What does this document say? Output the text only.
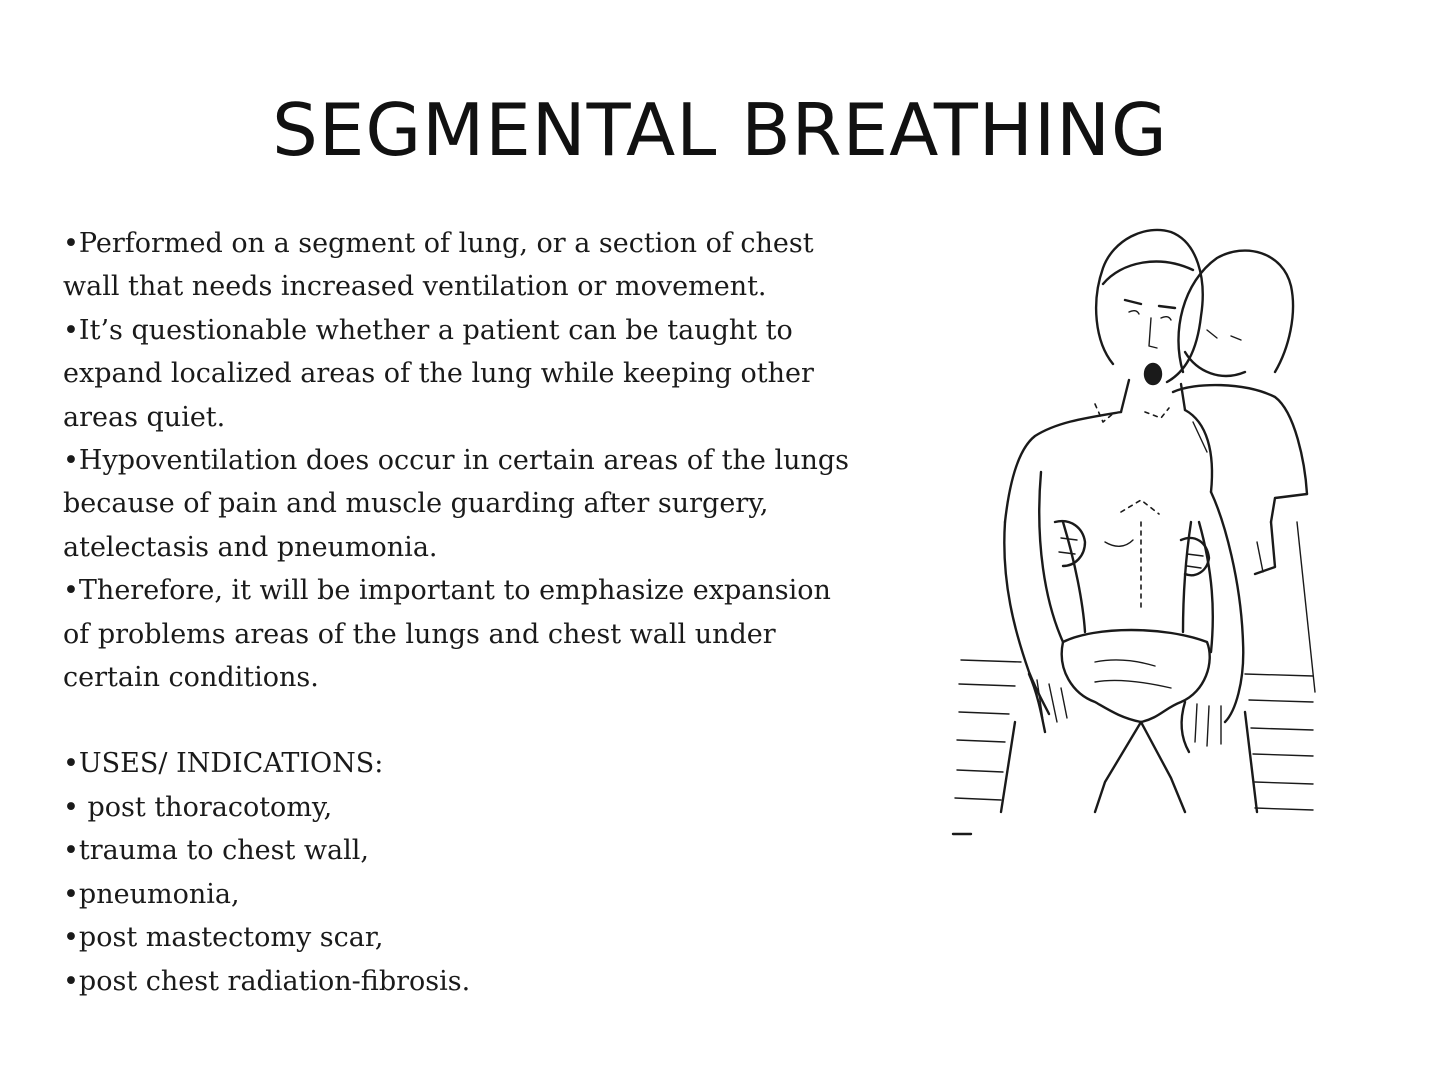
SEGMENTAL BREATHING

•Performed on a segment of lung, or a section of chest wall that needs increased ventilation or movement.

•It’s questionable whether a patient can be taught to expand localized areas of the lung while keeping other areas quiet.

•Hypoventilation does occur in certain areas of the lungs because of pain and muscle guarding after surgery, atelectasis and pneumonia.

•Therefore, it will be important to emphasize expansion of problems areas of the lungs and chest wall under certain conditions.

•USES/ INDICATIONS:

• post thoracotomy,

•trauma to chest wall,

•pneumonia,

•post mastectomy scar,

•post chest radiation-fibrosis.
